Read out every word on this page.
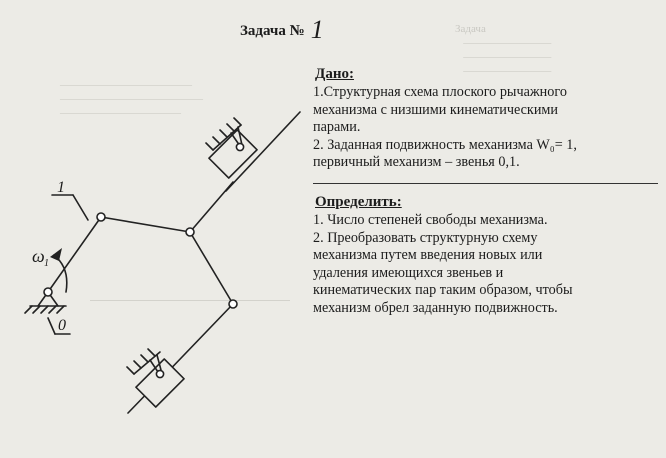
Задача
————————
————————
————————
————————————
—————————————
———————————
Задача № 1
Дано:
1.Структурная схема плоского рычажного
механизма с низшими кинематическими
парами.
2. Заданная подвижность механизма W₀= 1,
первичный механизм – звенья 0,1.
Определить:
1. Число степеней свободы механизма.
2. Преобразовать структурную схему
механизма путем введения новых или
удаления имеющихся звеньев и
кинематических пар таким образом, чтобы
механизм обрел заданную подвижность.
1
ω 1
0
